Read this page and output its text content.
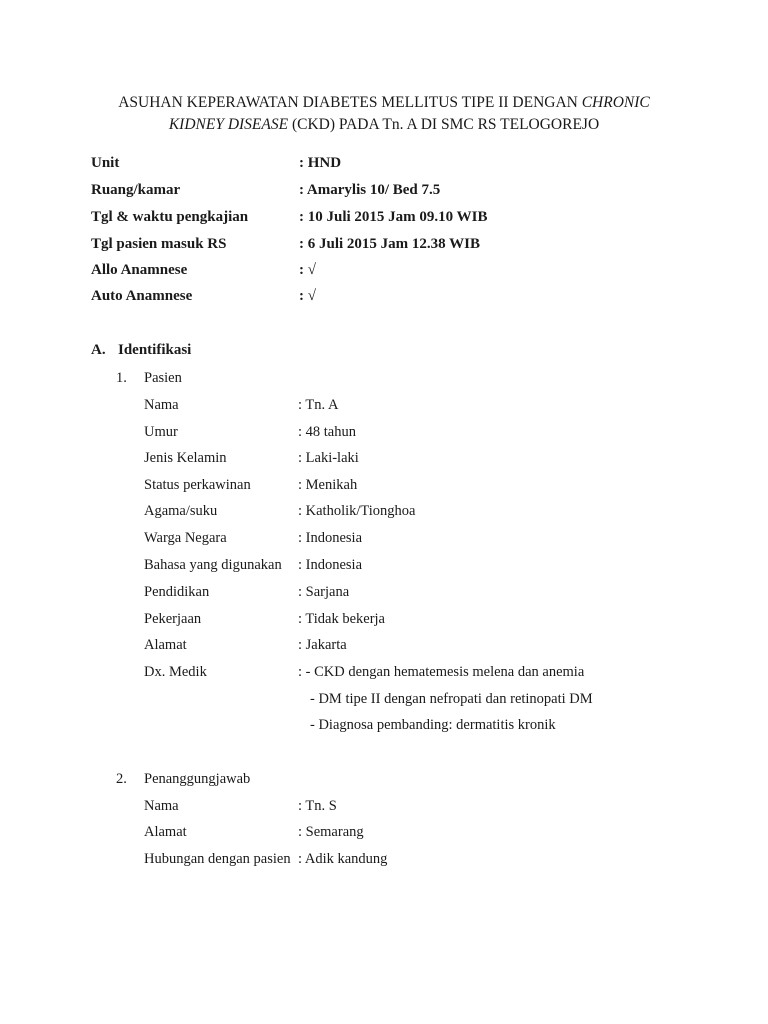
ASUHAN KEPERAWATAN DIABETES MELLITUS TIPE II DENGAN CHRONIC
KIDNEY DISEASE (CKD) PADA Tn. A DI SMC RS TELOGOREJO
Unit	: HND
Ruang/kamar	: Amarylis 10/ Bed 7.5
Tgl & waktu pengkajian	: 10 Juli 2015 Jam 09.10 WIB
Tgl pasien masuk RS	: 6 Juli 2015 Jam 12.38 WIB
Allo Anamnese	: √
Auto Anamnese	: √
A. Identifikasi
1. Pasien
Nama	: Tn. A
Umur	: 48 tahun
Jenis Kelamin	: Laki-laki
Status perkawinan	: Menikah
Agama/suku	: Katholik/Tionghoa
Warga Negara	: Indonesia
Bahasa yang digunakan : Indonesia
Pendidikan	: Sarjana
Pekerjaan	: Tidak bekerja
Alamat	: Jakarta
Dx. Medik	: - CKD dengan hematemesis melena dan anemia
- DM tipe II dengan nefropati dan retinopati DM
- Diagnosa pembanding: dermatitis kronik
2. Penanggungjawab
Nama	: Tn. S
Alamat	: Semarang
Hubungan dengan pasien : Adik kandung
